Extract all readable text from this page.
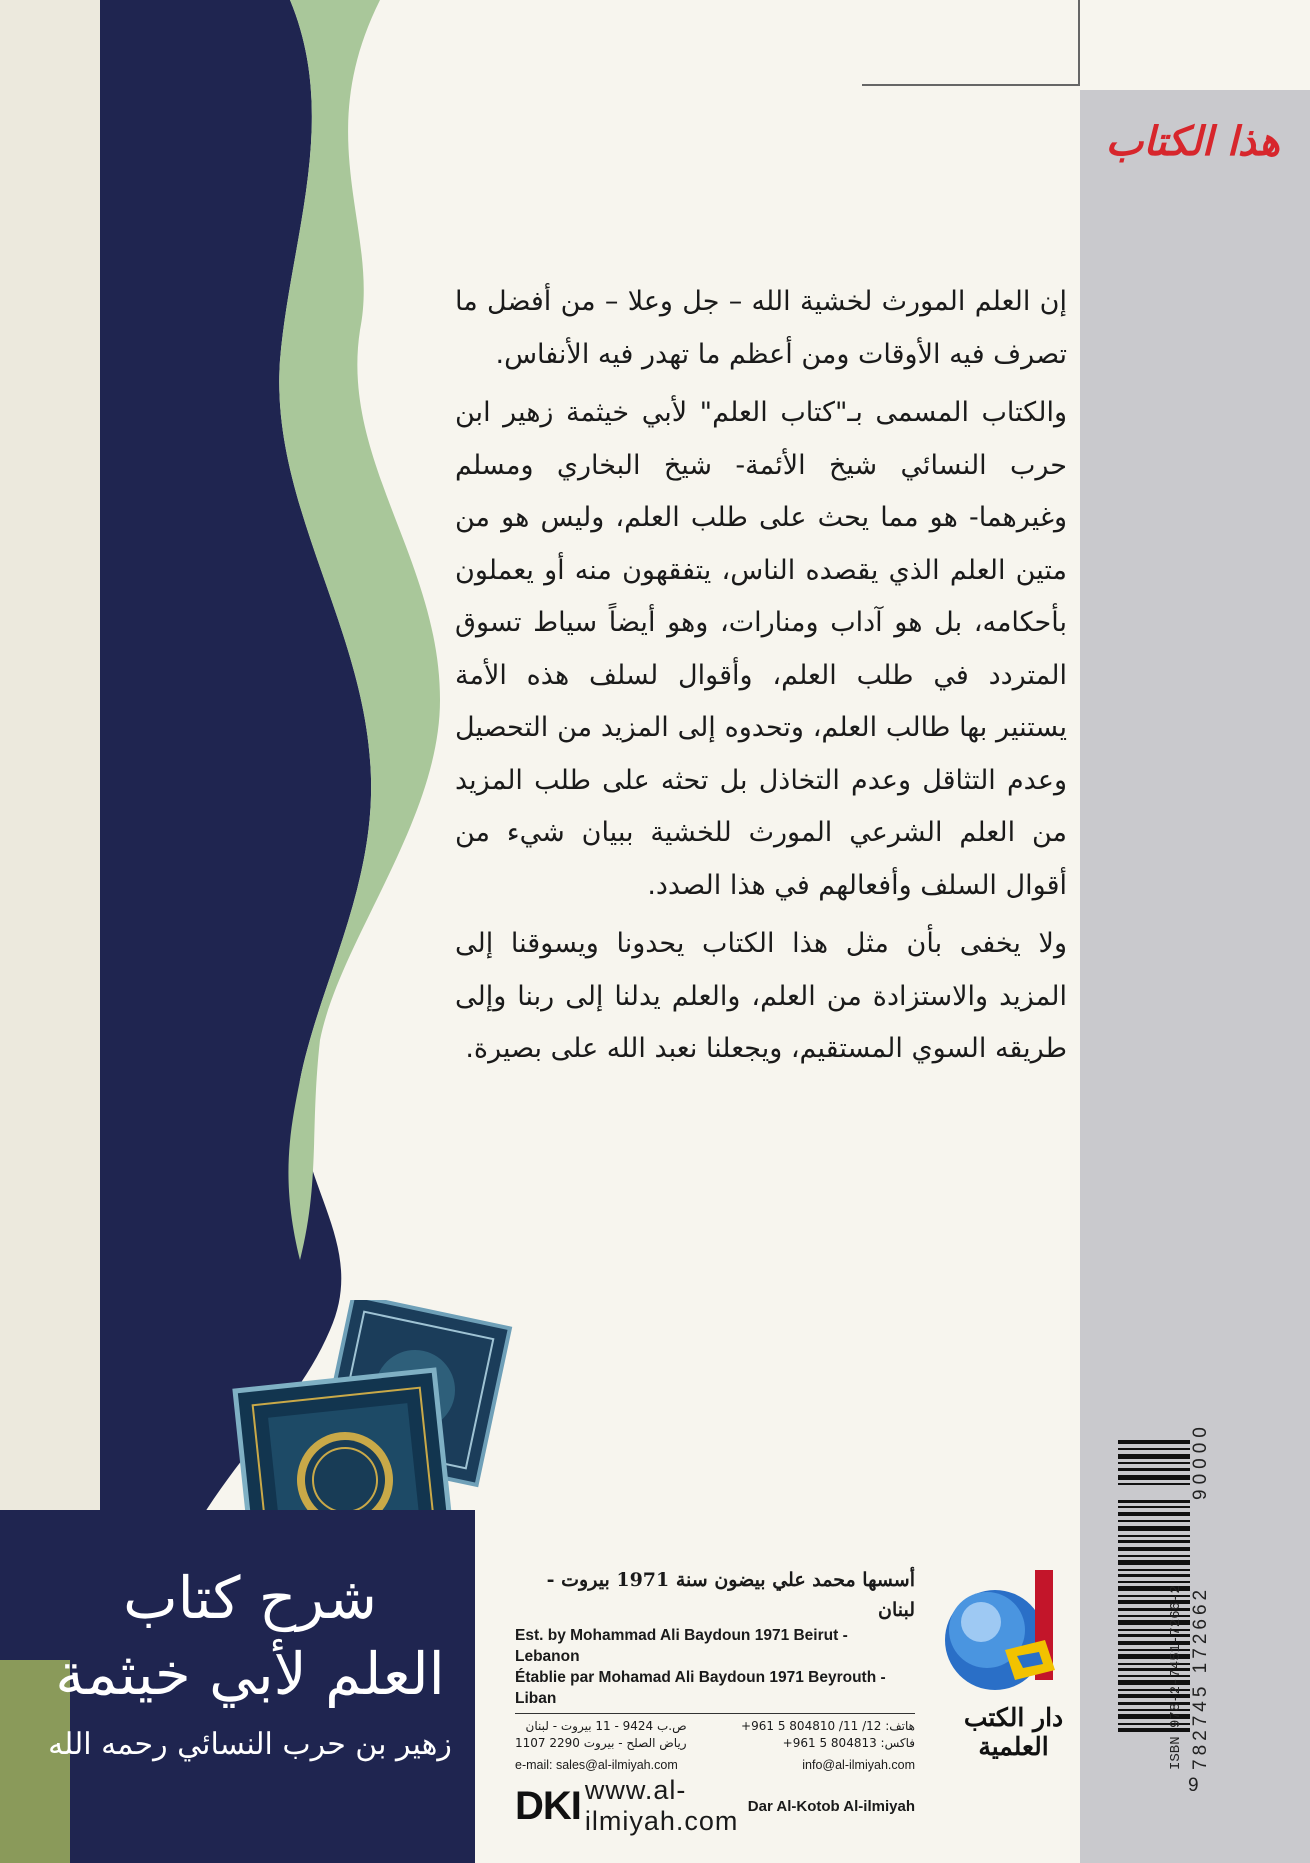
هذا الكتاب

إن العلم المورث لخشية الله – جل وعلا – من أفضل ما تصرف فيه الأوقات ومن أعظم ما تهدر فيه الأنفاس.

والكتاب المسمى بـ"كتاب العلم" لأبي خيثمة زهير ابن حرب النسائي شيخ الأئمة- شيخ البخاري ومسلم وغيرهما- هو مما يحث على طلب العلم، وليس هو من متين العلم الذي يقصده الناس، يتفقهون منه أو يعملون بأحكامه، بل هو آداب ومنارات، وهو أيضاً سياط تسوق المتردد في طلب العلم، وأقوال لسلف هذه الأمة يستنير بها طالب العلم، وتحدوه إلى المزيد من التحصيل وعدم التثاقل وعدم التخاذل بل تحثه على طلب المزيد من العلم الشرعي المورث للخشية ببيان شيء من أقوال السلف وأفعالهم في هذا الصدد.

ولا يخفى بأن مثل هذا الكتاب يحدونا ويسوقنا إلى المزيد والاستزادة من العلم، والعلم يدلنا إلى ربنا وإلى طريقه السوي المستقيم، ويجعلنا نعبد الله على بصيرة.

شرح كتاب
العلم لأبي خيثمة
زهير بن حرب النسائي رحمه الله

أسسها محمد علي بيضون سنة 1971 بيروت - لبنان

Est. by Mohammad Ali Baydoun 1971 Beirut - Lebanon

Établie par Mohamad Ali Baydoun 1971 Beyrouth - Liban

ص.ب 9424 - 11 بيروت - لبنان
رياض الصلح - بيروت 2290 1107
هاتف: 12/ 11/ 804810 5 961+
فاكس: 804813 5 961+
e-mail: sales@al-ilmiyah.com	info@al-ilmiyah.com
DKI www.al-ilmiyah.com Dar Al-Kotob Al-ilmiyah
دار الكتب العلمية
90000
ISBN 978-2-7451-7266-2 782745 172662
9
